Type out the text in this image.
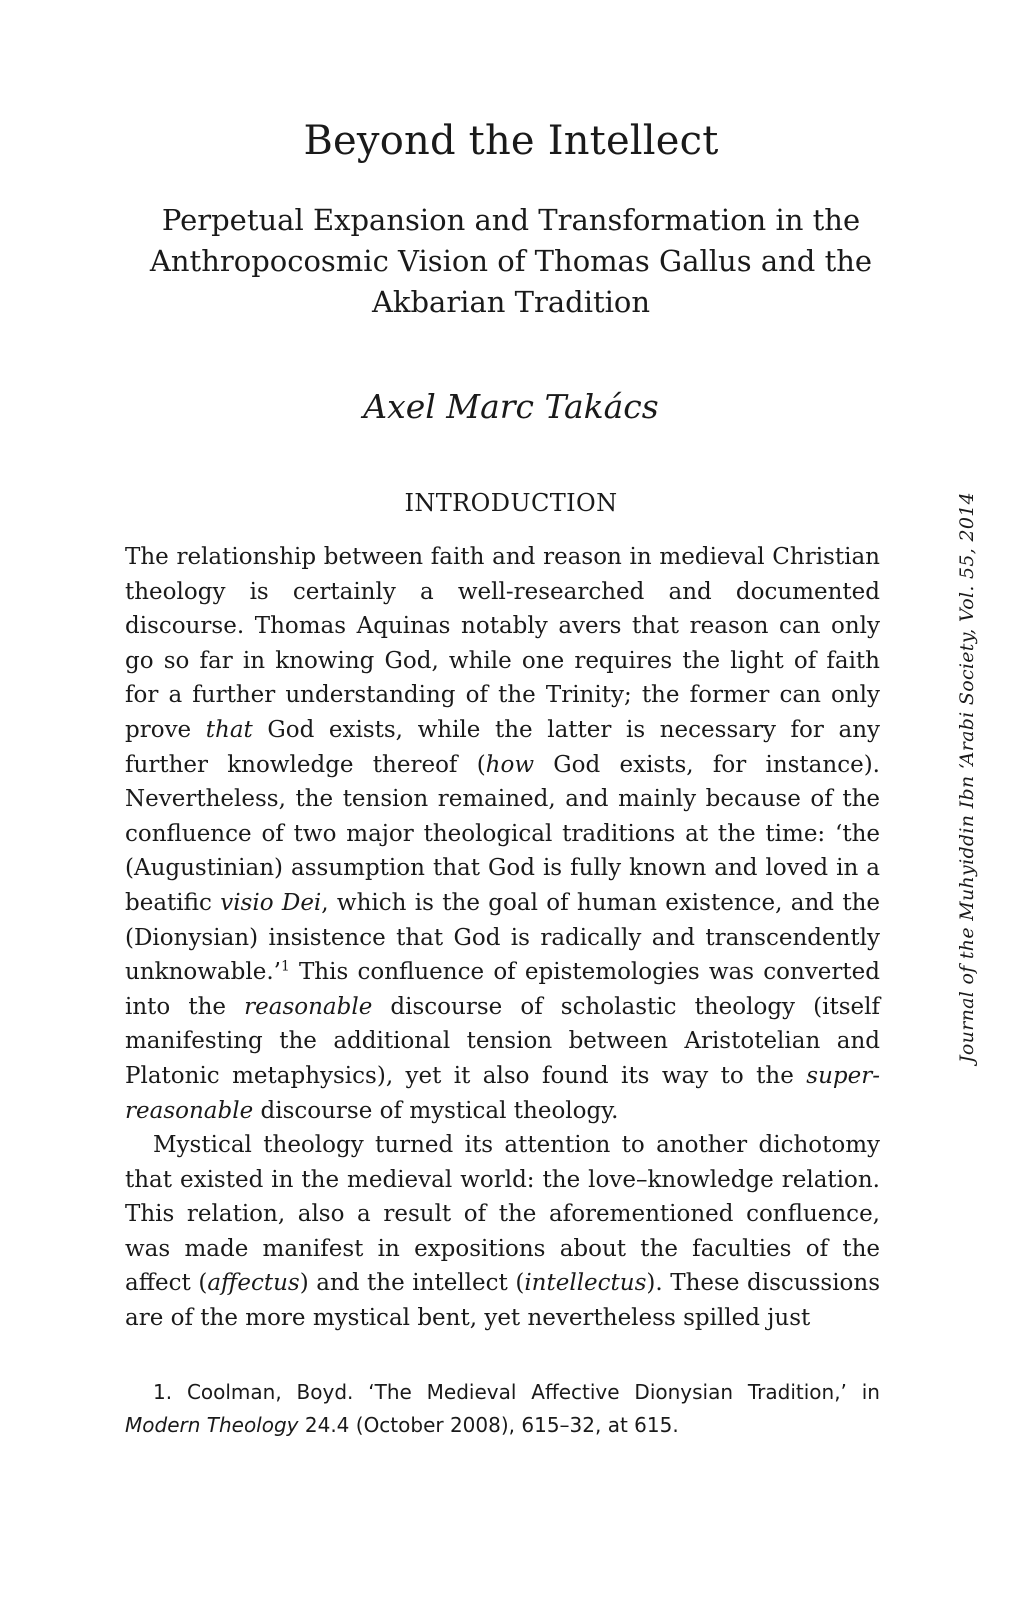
Beyond the Intellect
Perpetual Expansion and Transformation in the Anthropocosmic Vision of Thomas Gallus and the Akbarian Tradition
Axel Marc Takács
INTRODUCTION

The relationship between faith and reason in medieval Christian theology is certainly a well-researched and documented discourse. Thomas Aquinas notably avers that reason can only go so far in knowing God, while one requires the light of faith for a further understanding of the Trinity; the former can only prove that God exists, while the latter is necessary for any further knowledge thereof (how God exists, for instance). Nevertheless, the tension remained, and mainly because of the confluence of two major theological traditions at the time: ‘the (Augustinian) assumption that God is fully known and loved in a beatific visio Dei, which is the goal of human existence, and the (Dionysian) insistence that God is radically and transcendently unknowable.’$^1$ This confluence of epistemologies was converted into the reasonable discourse of scholastic theology (itself manifesting the additional tension between Aristotelian and Platonic metaphysics), yet it also found its way to the superreasonable discourse of mystical theology.

Mystical theology turned its attention to another dichotomy that existed in the medieval world: the love–knowledge relation. This relation, also a result of the aforementioned confluence, was made manifest in expositions about the faculties of the affect (affectus) and the intellect (intellectus). These discussions are of the more mystical bent, yet nevertheless spilled just

1. Coolman, Boyd. ‘The Medieval Affective Dionysian Tradition,’ in Modern Theology 24.4 (October 2008), 615–32, at 615.
Journal of the Muhyiddin Ibn ‘Arabi Society, Vol. 55, 2014
